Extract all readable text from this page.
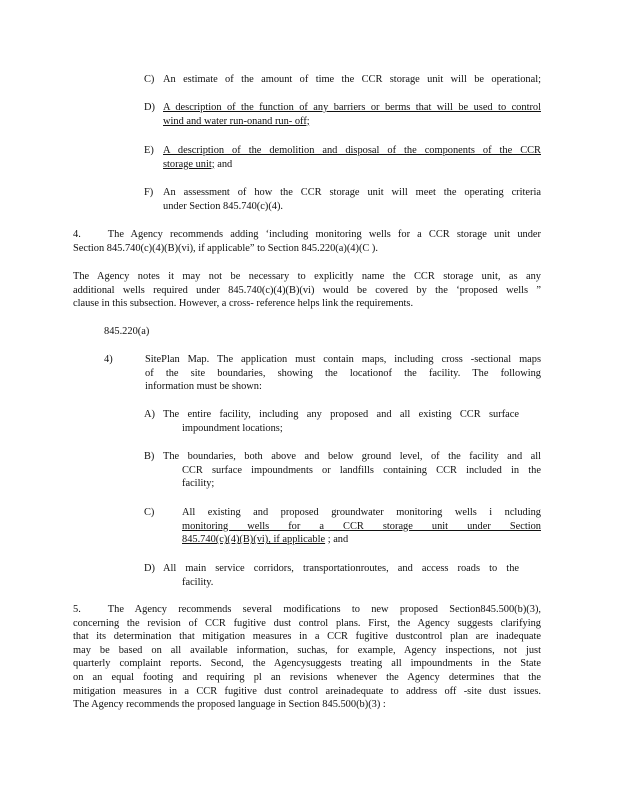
C) An estimate of the amount of time the CCR storage unit will be operational;
D) A description of the function of any barriers or berms that will be used to control
wind and water run-onand run- off;
E) A description of the demolition and disposal of the components of the CCR
storage unit; and
F) An assessment of how the CCR storage unit will meet the operating criteria
under Section 845.740(c)(4).
4.	The Agency recommends adding ‘including monitoring wells for a CCR storage unit under
Section 845.740(c)(4)(B)(vi), if applicable” to Section 845.220(a)(4)(C ).
The Agency notes it may not be necessary to explicitly name the CCR storage unit, as any
additional wells required under 845.740(c)(4)(B)(vi) would be covered by the ‘proposed wells ”
clause in this subsection. However, a cross- reference helps link the requirements.
845.220(a)
4)	SitePlan Map. The application must contain maps, including cross -sectional maps
of the site boundaries, showing the locationof the facility. The following
information must be shown:
A) The entire facility, including any proposed and all existing CCR surface
impoundment locations;
B) The boundaries, both above and below ground level, of the facility and all
CCR surface impoundments or landfills containing CCR included in the
facility;
C)	All existing and proposed groundwater monitoring wells i ncluding
monitoring wells for a CCR storage unit under Section
845.740(c)(4)(B)(vi), if applicable ; and
D) All main service corridors, transportationroutes, and access roads to the
facility.
5.	The Agency recommends several modifications to new proposed Section845.500(b)(3),
concerning the revision of CCR fugitive dust control plans. First, the Agency suggests clarifying
that its determination that mitigation measures in a CCR fugitive dustcontrol plan are inadequate
may be based on all available information, suchas, for example, Agency inspections, not just
quarterly complaint reports. Second, the Agencysuggests treating all impoundments in the State
on an equal footing and requiring pl an revisions whenever the Agency determines that the
mitigation measures in a CCR fugitive dust control areinadequate to address off -site dust issues.
The Agency recommends the proposed language in Section 845.500(b)(3) :
